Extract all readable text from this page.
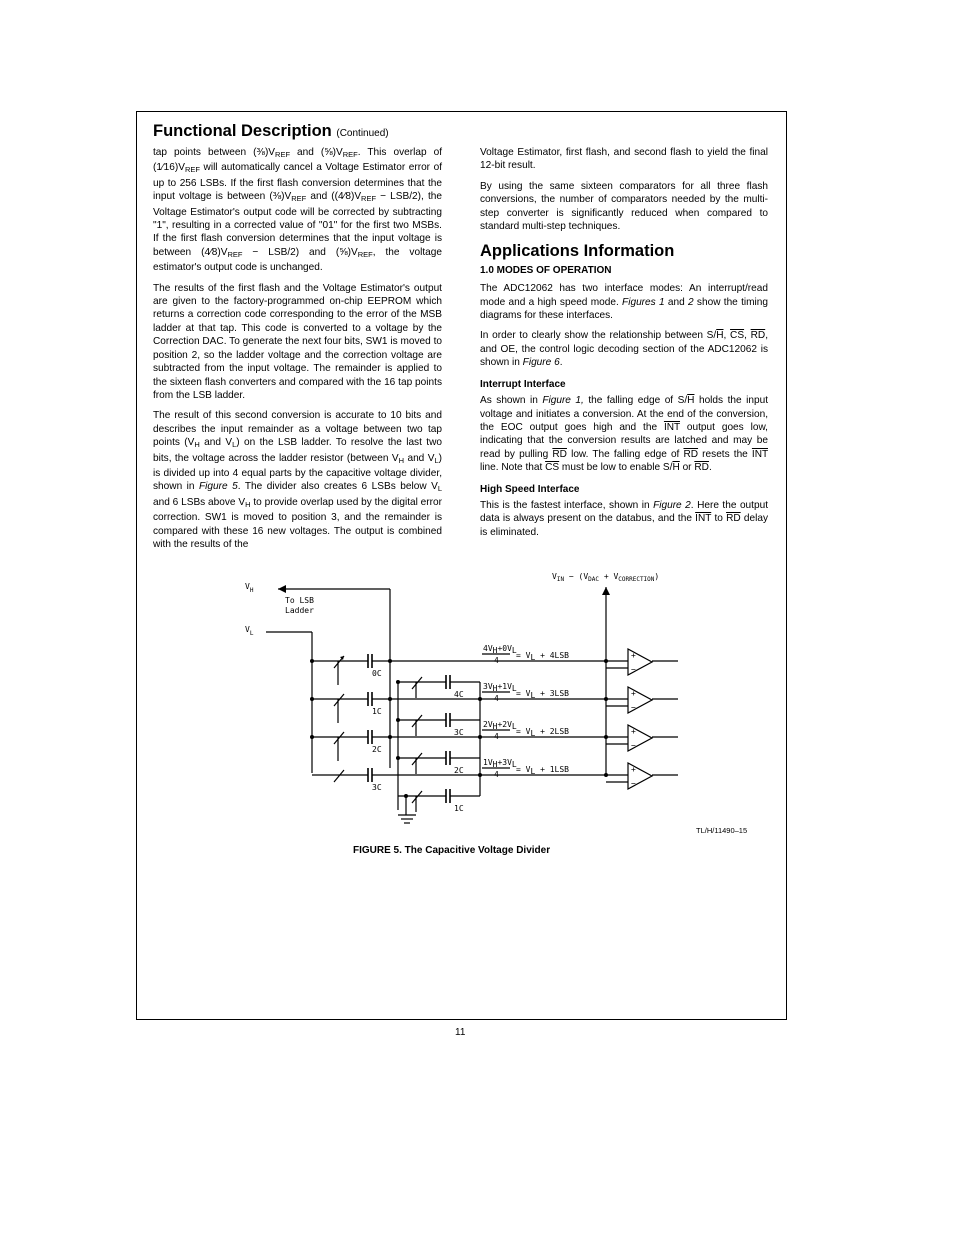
Functional Description (Continued)

tap points between $(\frac{3}{8})V_{REF}$ and $(\frac{5}{8})V_{REF}$. This overlap of $(1⁄16)V_{REF}$ will automatically cancel a Voltage Estimator error of up to 256 LSBs. If the first flash conversion determines that the input voltage is between $(\frac{3}{8})V_{REF}$ and $((4⁄8)V_{REF} - LSB/2)$, the Voltage Estimator's output code will be corrected by subtracting "1", resulting in a corrected value of "01" for the first two MSBs. If the first flash conversion determines that the input voltage is between $(4⁄8)V_{REF} - LSB/2$) and $(\frac{5}{8})V_{REF}$, the voltage estimator's output code is unchanged.

The results of the first flash and the Voltage Estimator's output are given to the factory-programmed on-chip EEPROM which returns a correction code corresponding to the error of the MSB ladder at that tap. This code is converted to a voltage by the Correction DAC. To generate the next four bits, SW1 is moved to position 2, so the ladder voltage and the correction voltage are subtracted from the input voltage. The remainder is applied to the sixteen flash converters and compared with the 16 tap points from the LSB ladder.

The result of this second conversion is accurate to 10 bits and describes the input remainder as a voltage between two tap points ($V_H$ and $V_L$) on the LSB ladder. To resolve the last two bits, the voltage across the ladder resistor (between $V_H$ and $V_L$) is divided up into 4 equal parts by the capacitive voltage divider, shown in Figure 5. The divider also creates 6 LSBs below $V_L$ and 6 LSBs above $V_H$ to provide overlap used by the digital error correction. SW1 is moved to position 3, and the remainder is compared with these 16 new voltages. The output is combined with the results of the

Voltage Estimator, first flash, and second flash to yield the final 12-bit result.

By using the same sixteen comparators for all three flash conversions, the number of comparators needed by the multi-step converter is significantly reduced when compared to standard multi-step techniques.

Applications Information
1.0 MODES OF OPERATION

The ADC12062 has two interface modes: An interrupt/read mode and a high speed mode. Figures 1 and 2 show the timing diagrams for these interfaces.

In order to clearly show the relationship between $S/\overline{H}$, $\overline{CS}$, $\overline{RD}$, and OE, the control logic decoding section of the ADC12062 is shown in Figure 6.

Interrupt Interface

As shown in Figure 1, the falling edge of $S/\overline{H}$ holds the input voltage and initiates a conversion. At the end of the conversion, the EOC output goes high and the $\overline{INT}$ output goes low, indicating that the conversion results are latched and may be read by pulling $\overline{RD}$ low. The falling edge of $\overline{RD}$ resets the $\overline{INT}$ line. Note that $\overline{CS}$ must be low to enable $S/\overline{H}$ or $\overline{RD}$.

High Speed Interface

This is the fastest interface, shown in Figure 2. Here the output data is always present on the databus, and the $\overline{INT}$ to $\overline{RD}$ delay is eliminated.

+
−
+
−
+
−
+
−
$V_H$
$V_L$
To LSB
Ladder
$V_{IN} - (V_{DAC} + V_{CORRECTION})$
0C
1C
2C
3C
4C
3C
2C
1C
4VH+0VL
4
= VL + 4LSB
3VH+1VL
4
= VL + 3LSB
2VH+2VL
4
= VL + 2LSB
1VH+3VL
4
= VL + 1LSB
TL/H/11490–15
FIGURE 5. The Capacitive Voltage Divider
11
